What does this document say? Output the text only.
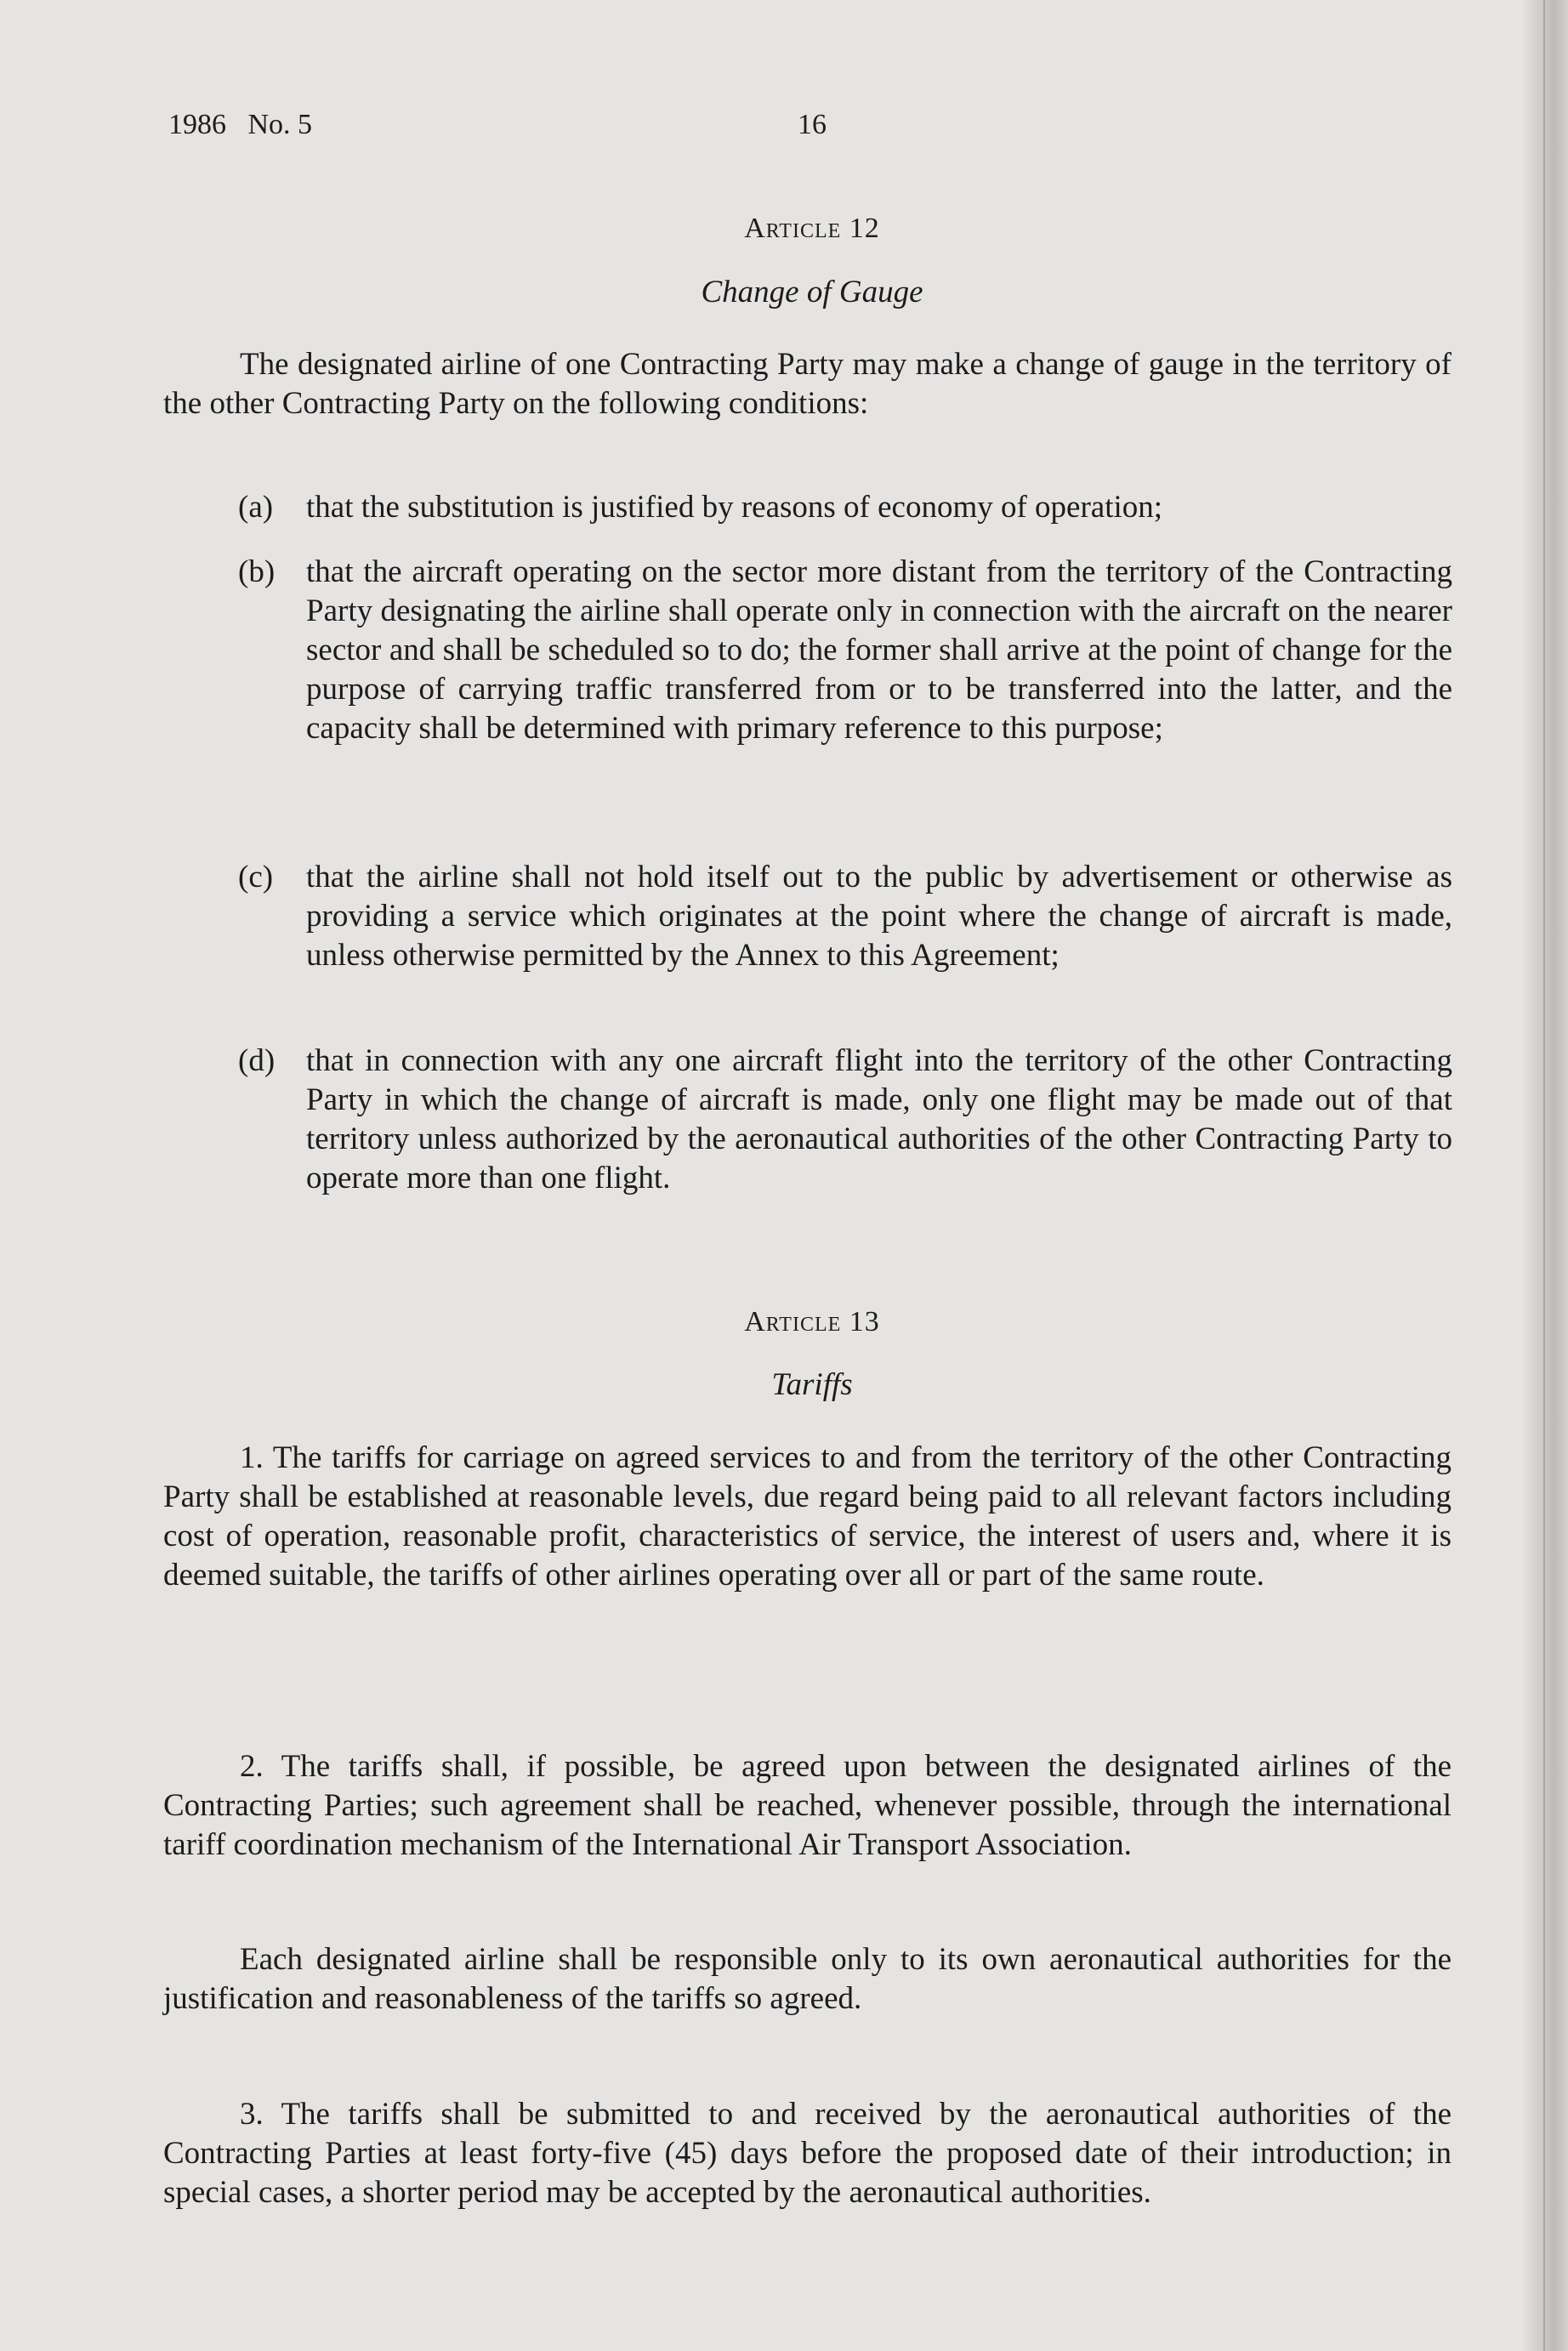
1986   No. 5	16
Article 12
Change of Gauge

The designated airline of one Contracting Party may make a change of gauge in the territory of the other Contracting Party on the following conditions:

(a) that the substitution is justified by reasons of economy of operation;
(b) that the aircraft operating on the sector more distant from the territory of the Contracting Party designating the airline shall operate only in connection with the aircraft on the nearer sector and shall be scheduled so to do; the former shall arrive at the point of change for the purpose of carrying traffic transferred from or to be transferred into the latter, and the capacity shall be determined with primary reference to this purpose;
(c) that the airline shall not hold itself out to the public by advertisement or otherwise as providing a service which originates at the point where the change of aircraft is made, unless otherwise permitted by the Annex to this Agreement;
(d) that in connection with any one aircraft flight into the territory of the other Contracting Party in which the change of aircraft is made, only one flight may be made out of that territory unless authorized by the aeronautical authorities of the other Contracting Party to operate more than one flight.
Article 13
Tariffs

1. The tariffs for carriage on agreed services to and from the territory of the other Contracting Party shall be established at reasonable levels, due regard being paid to all relevant factors including cost of operation, reasonable profit, characteristics of service, the interest of users and, where it is deemed suitable, the tariffs of other airlines operating over all or part of the same route.

2. The tariffs shall, if possible, be agreed upon between the designated airlines of the Contracting Parties; such agreement shall be reached, whenever possible, through the international tariff coordination mechanism of the International Air Transport Association.

Each designated airline shall be responsible only to its own aeronautical authorities for the justification and reasonableness of the tariffs so agreed.

3. The tariffs shall be submitted to and received by the aeronautical authorities of the Contracting Parties at least forty-five (45) days before the proposed date of their introduction; in special cases, a shorter period may be accepted by the aeronautical authorities.
